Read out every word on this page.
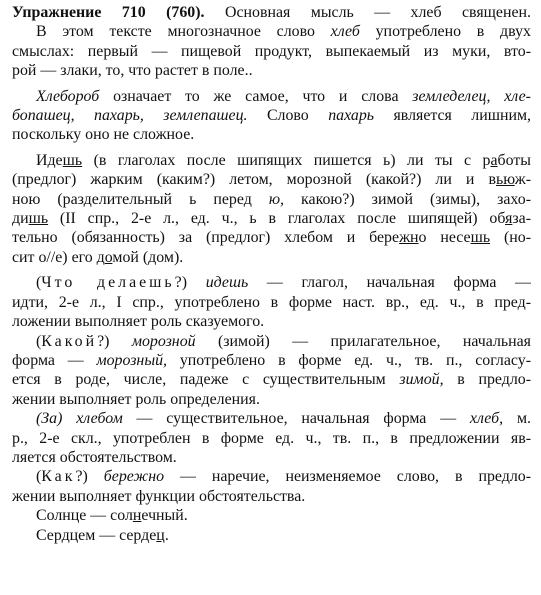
Упражнение 710 (760). Основная мысль — хлеб священен.
В этом тексте многозначное слово хлеб употреблено в двух
смыслах: первый — пищевой продукт, выпекаемый из муки, вто-
рой — злаки, то, что растет в поле..
Хлебороб означает то же самое, что и слова земледелец, хле-
бопашец, пахарь, землепашец. Слово пахарь является лишним,
поскольку оно не сложное.
Идешь (в глаголах после шипящих пишется ь) ли ты с работы
(предлог) жарким (каким?) летом, морозной (какой?) ли и вьюж-
ною (разделительный ь перед ю, какою?) зимой (зимы), захо-
дишь (II спр., 2-е л., ед. ч., ь в глаголах после шипящей) обяза-
тельно (обязанность) за (предлог) хлебом и бережно несешь (но-
сит о//е) его домой (дом).
(Что делаешь?) идешь — глагол, начальная форма —
идти, 2-е л., I спр., употреблено в форме наст. вр., ед. ч., в пред-
ложении выполняет роль сказуемого.
(Какой?) морозной (зимой) — прилагательное, начальная
форма — морозный, употреблено в форме ед. ч., тв. п., согласу-
ется в роде, числе, падеже с существительным зимой, в предло-
жении выполняет роль определения.
(За) хлебом — существительное, начальная форма — хлеб, м.
р., 2-е скл., употреблен в форме ед. ч., тв. п., в предложении яв-
ляется обстоятельством.
(Как?) бережно — наречие, неизменяемое слово, в предло-
жении выполняет функции обстоятельства.
Солнце — солнечный.
Сердцем — сердец.
